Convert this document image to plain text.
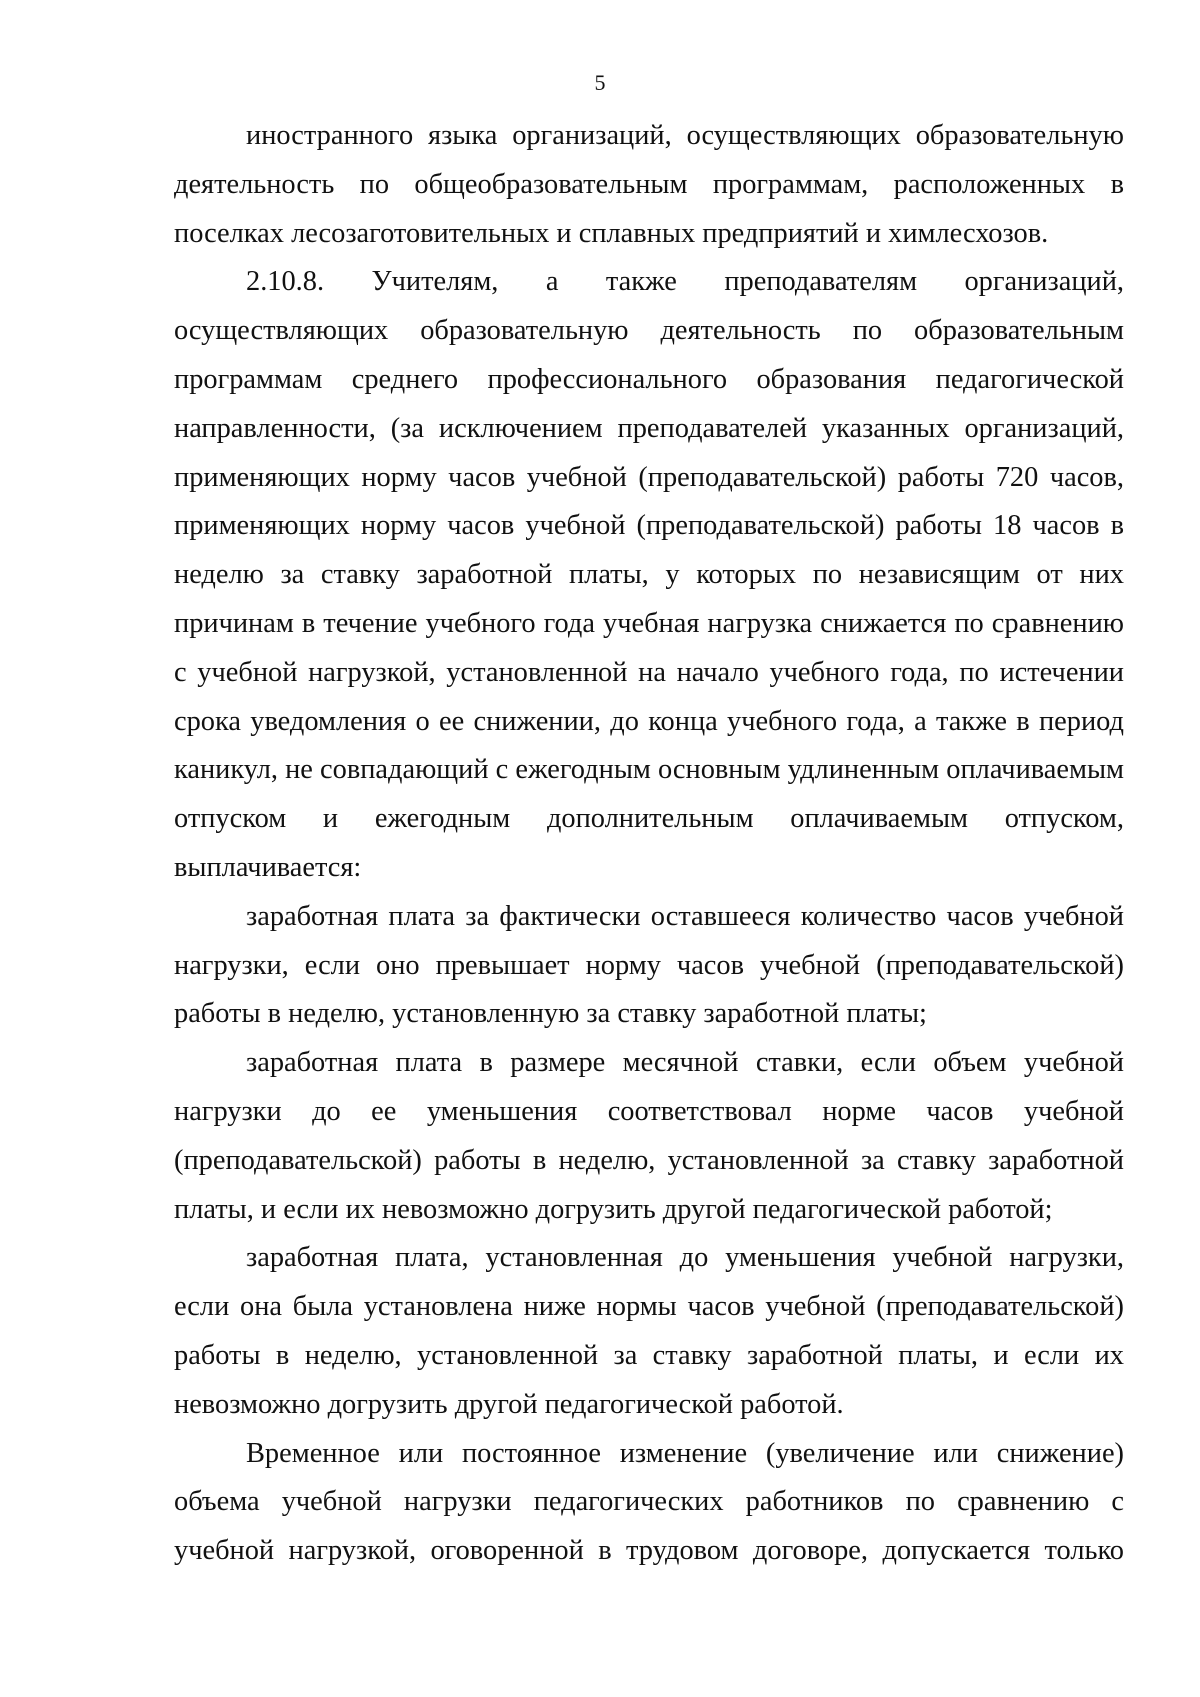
5

иностранного языка организаций, осуществляющих образовательную деятельность по общеобразовательным программам, расположенных в поселках лесозаготовительных и сплавных предприятий и химлесхозов.

2.10.8. Учителям, а также преподавателям организаций, осуществляющих образовательную деятельность по образовательным программам среднего профессионального образования педагогической направленности, (за исключением преподавателей указанных организаций, применяющих норму часов учебной (преподавательской) работы 720 часов, применяющих норму часов учебной (преподавательской) работы 18 часов в неделю за ставку заработной платы, у которых по независящим от них причинам в течение учебного года учебная нагрузка снижается по сравнению с учебной нагрузкой, установленной на начало учебного года, по истечении срока уведомления о ее снижении, до конца учебного года, а также в период каникул, не совпадающий с ежегодным основным удлиненным оплачиваемым отпуском и ежегодным дополнительным оплачиваемым отпуском, выплачивается:

заработная плата за фактически оставшееся количество часов учебной нагрузки, если оно превышает норму часов учебной (преподавательской) работы в неделю, установленную за ставку заработной платы;

заработная плата в размере месячной ставки, если объем учебной нагрузки до ее уменьшения соответствовал норме часов учебной (преподавательской) работы в неделю, установленной за ставку заработной платы, и если их невозможно догрузить другой педагогической работой;

заработная плата, установленная до уменьшения учебной нагрузки, если она была установлена ниже нормы часов учебной (преподавательской) работы в неделю, установленной за ставку заработной платы, и если их невозможно догрузить другой педагогической работой.

Временное или постоянное изменение (увеличение или снижение) объема учебной нагрузки педагогических работников по сравнению с учебной нагрузкой, оговоренной в трудовом договоре, допускается только
